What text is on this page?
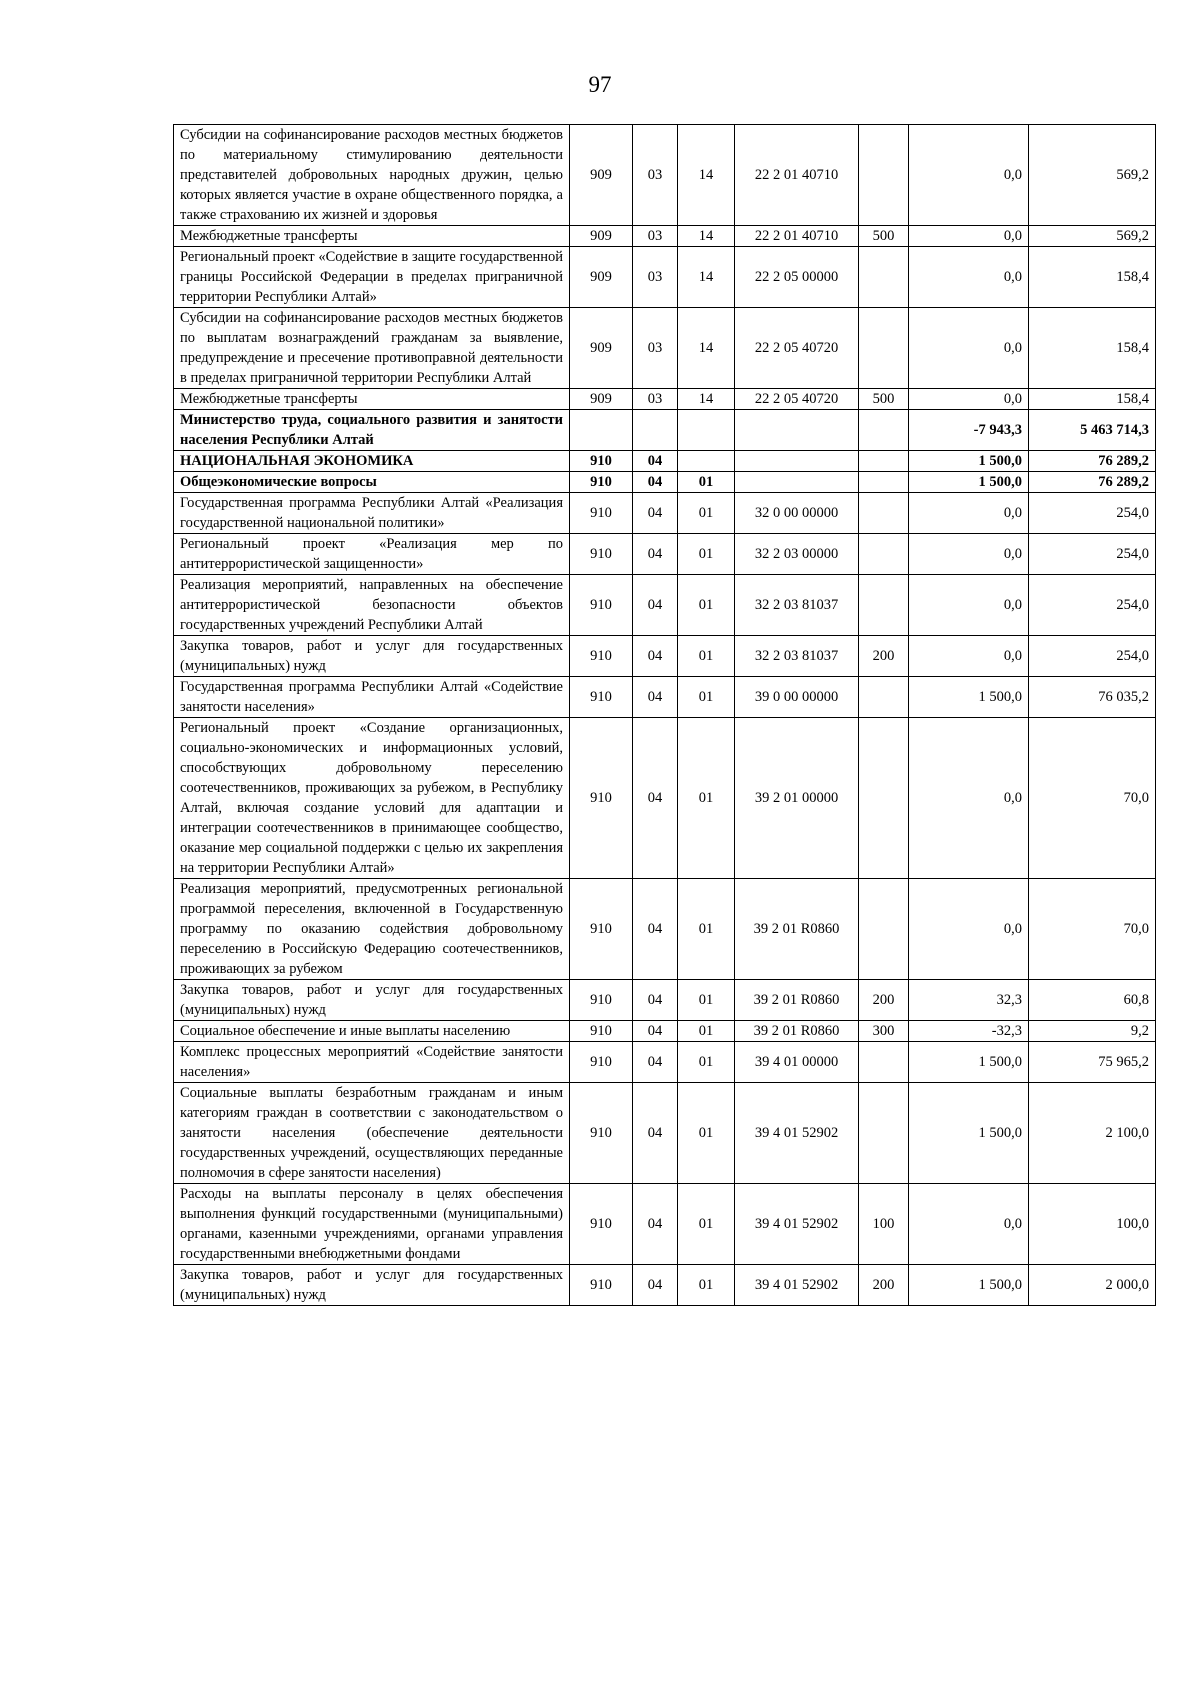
97
Субсидии на софинансирование расходов местных бюджетов по материальному стимулированию деятельности представителей добровольных народных дружин, целью которых является участие в охране общественного порядка, а также страхованию их жизней и здоровья	909	03	14	22 2 01 40710		0,0	569,2
Межбюджетные трансферты	909	03	14	22 2 01 40710	500	0,0	569,2
Региональный проект «Содействие в защите государственной границы Российской Федерации в пределах приграничной территории Республики Алтай»	909	03	14	22 2 05 00000		0,0	158,4
Субсидии на софинансирование расходов местных бюджетов по выплатам вознаграждений гражданам за выявление, предупреждение и пресечение противоправной деятельности в пределах приграничной территории Республики Алтай	909	03	14	22 2 05 40720		0,0	158,4
Межбюджетные трансферты	909	03	14	22 2 05 40720	500	0,0	158,4
Министерство труда, социального развития и занятости населения Республики Алтай						-7 943,3	5 463 714,3
НАЦИОНАЛЬНАЯ ЭКОНОМИКА	910	04				1 500,0	76 289,2
Общеэкономические вопросы	910	04	01			1 500,0	76 289,2
Государственная программа Республики Алтай «Реализация государственной национальной политики»	910	04	01	32 0 00 00000		0,0	254,0
Региональный проект «Реализация мер по антитеррористической защищенности»	910	04	01	32 2 03 00000		0,0	254,0
Реализация мероприятий, направленных на обеспечение антитеррористической безопасности объектов государственных учреждений Республики Алтай	910	04	01	32 2 03 81037		0,0	254,0
Закупка товаров, работ и услуг для государственных (муниципальных) нужд	910	04	01	32 2 03 81037	200	0,0	254,0
Государственная программа Республики Алтай «Содействие занятости населения»	910	04	01	39 0 00 00000		1 500,0	76 035,2
Региональный проект «Создание организационных, социально-экономических и информационных условий, способствующих добровольному переселению соотечественников, проживающих за рубежом, в Республику Алтай, включая создание условий для адаптации и интеграции соотечественников в принимающее сообщество, оказание мер социальной поддержки с целью их закрепления на территории Республики Алтай»	910	04	01	39 2 01 00000		0,0	70,0
Реализация мероприятий, предусмотренных региональной программой переселения, включенной в Государственную программу по оказанию содействия добровольному переселению в Российскую Федерацию соотечественников, проживающих за рубежом	910	04	01	39 2 01 R0860		0,0	70,0
Закупка товаров, работ и услуг для государственных (муниципальных) нужд	910	04	01	39 2 01 R0860	200	32,3	60,8
Социальное обеспечение и иные выплаты населению	910	04	01	39 2 01 R0860	300	-32,3	9,2
Комплекс процессных мероприятий «Содействие занятости населения»	910	04	01	39 4 01 00000		1 500,0	75 965,2
Социальные выплаты безработным гражданам и иным категориям граждан в соответствии с законодательством о занятости населения (обеспечение деятельности государственных учреждений, осуществляющих переданные полномочия в сфере занятости населения)	910	04	01	39 4 01 52902		1 500,0	2 100,0
Расходы на выплаты персоналу в целях обеспечения выполнения функций государственными (муниципальными) органами, казенными учреждениями, органами управления государственными внебюджетными фондами	910	04	01	39 4 01 52902	100	0,0	100,0
Закупка товаров, работ и услуг для государственных (муниципальных) нужд	910	04	01	39 4 01 52902	200	1 500,0	2 000,0
